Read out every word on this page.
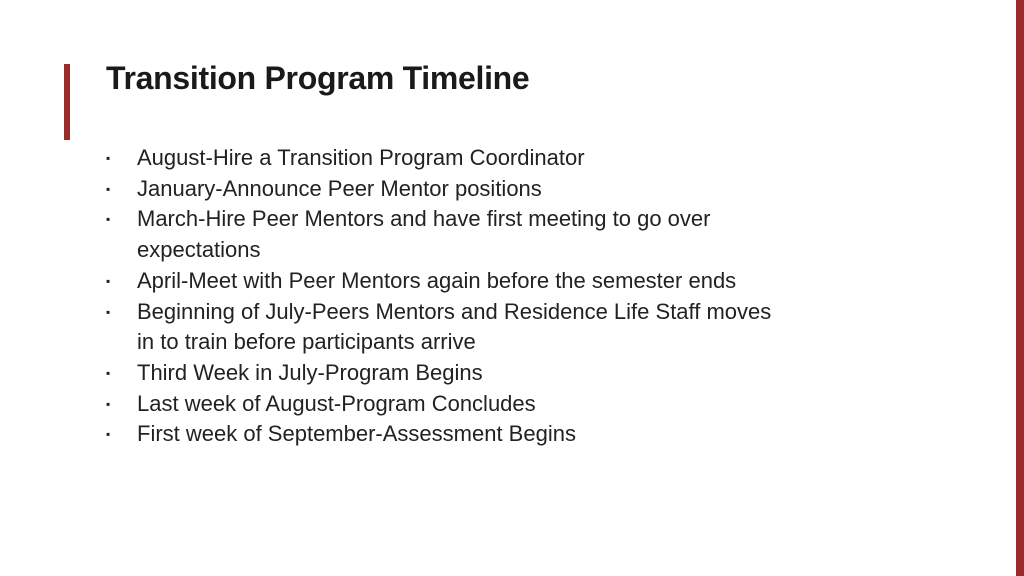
Transition Program Timeline
▪ August-Hire a Transition Program Coordinator
▪ January-Announce Peer Mentor positions
▪ March-Hire Peer Mentors and have first meeting to go over expectations
▪ April-Meet with Peer Mentors again before the semester ends
▪ Beginning of July-Peers Mentors and Residence Life Staff moves in to train before participants arrive
▪ Third Week in July-Program Begins
▪ Last week of August-Program Concludes
▪ First week of September-Assessment Begins
